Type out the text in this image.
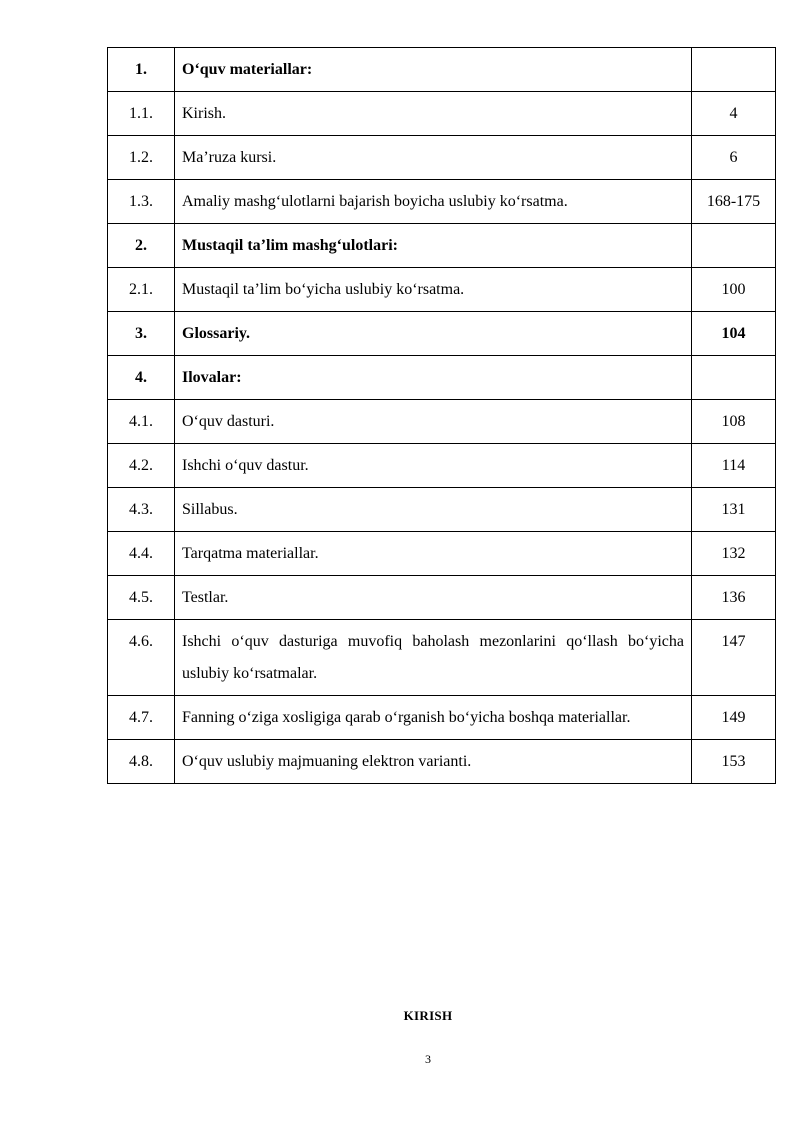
1.	O‘quv materiallar:	
1.1.	Kirish.	4
1.2.	Ma’ruza kursi.	6
1.3.	Amaliy mashg‘ulotlarni bajarish boyicha uslubiy ko‘rsatma.	168-175
2.	Mustaqil ta’lim mashg‘ulotlari:	
2.1.	Mustaqil ta’lim bo‘yicha uslubiy ko‘rsatma.	100
3.	Glossariy.	104
4.	Ilovalar:	
4.1.	O‘quv dasturi.	108
4.2.	Ishchi o‘quv dastur.	114
4.3.	Sillabus.	131
4.4.	Tarqatma materiallar.	132
4.5.	Testlar.	136
4.6.	Ishchi o‘quv dasturiga muvofiq baholash mezonlarini qo‘llash bo‘yicha uslubiy ko‘rsatmalar.	147
4.7.	Fanning o‘ziga xosligiga qarab o‘rganish bo‘yicha boshqa materiallar.	149
4.8.	O‘quv uslubiy majmuaning elektron varianti.	153
KIRISH
3
